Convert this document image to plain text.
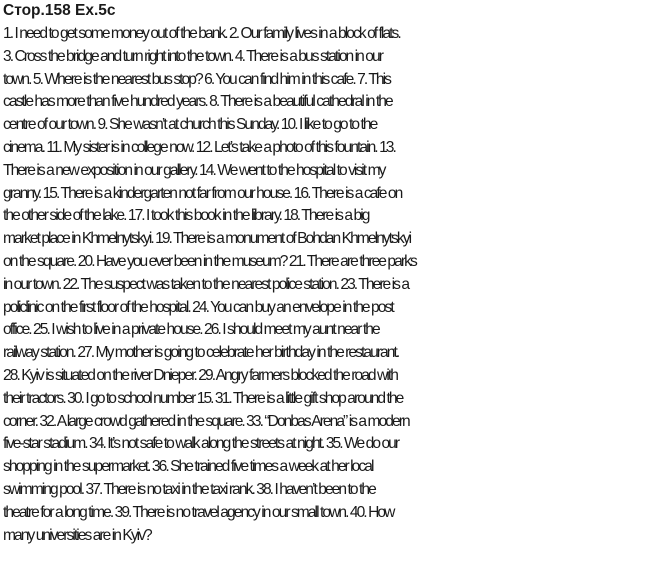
Стор.158 Ex.5c
1. I need to get some money out of the bank. 2. Our family lives in a block of flats.
3. Cross the bridge and turn right into the town. 4. There is a bus station in our
town. 5. Where is the nearest bus stop? 6. You can find him in this cafe. 7. This
castle has more than five hundred years. 8. There is a beautiful cathedral in the
centre of our town. 9. She wasn’t at church this Sunday. 10. I like to go to the
cinema. 11. My sister is in college now. 12. Let’s take a photo of this fountain. 13.
There is a new exposition in our gallery. 14. We went to the hospital to visit my
granny. 15. There is a kindergarten not far from our house. 16. There is a cafe on
the other side of the lake. 17. I took this book in the library. 18. There is a big
market place in Khmelnytskyi. 19. There is a monument of Bohdan Khmelnytskyi
on the square. 20. Have you ever been in the museum? 21. There are three parks
in our town. 22. The suspect was taken to the nearest police station. 23. There is a
policlinic on the first floor of the hospital. 24. You can buy an envelope in the post
office. 25. I wish to live in a private house. 26. I should meet my aunt near the
railway station. 27. My mother is going to celebrate her birthday in the restaurant.
28. Kyiv is situated on the river Dnieper. 29. Angry farmers blocked the road with
their tractors. 30. I go to school number 15. 31. There is a little gift shop around the
corner. 32. A large crowd gathered in the square. 33. “Donbas Arena” is a modern
five-star stadium. 34. It’s not safe to walk along the streets at night. 35. We do our
shopping in the supermarket. 36. She trained five times a week at her local
swimming pool. 37. There is no taxi in the taxi rank. 38. I haven’t been to the
theatre for a long time. 39. There is no travel agency in our small town. 40. How
many universities are in Kyiv?
